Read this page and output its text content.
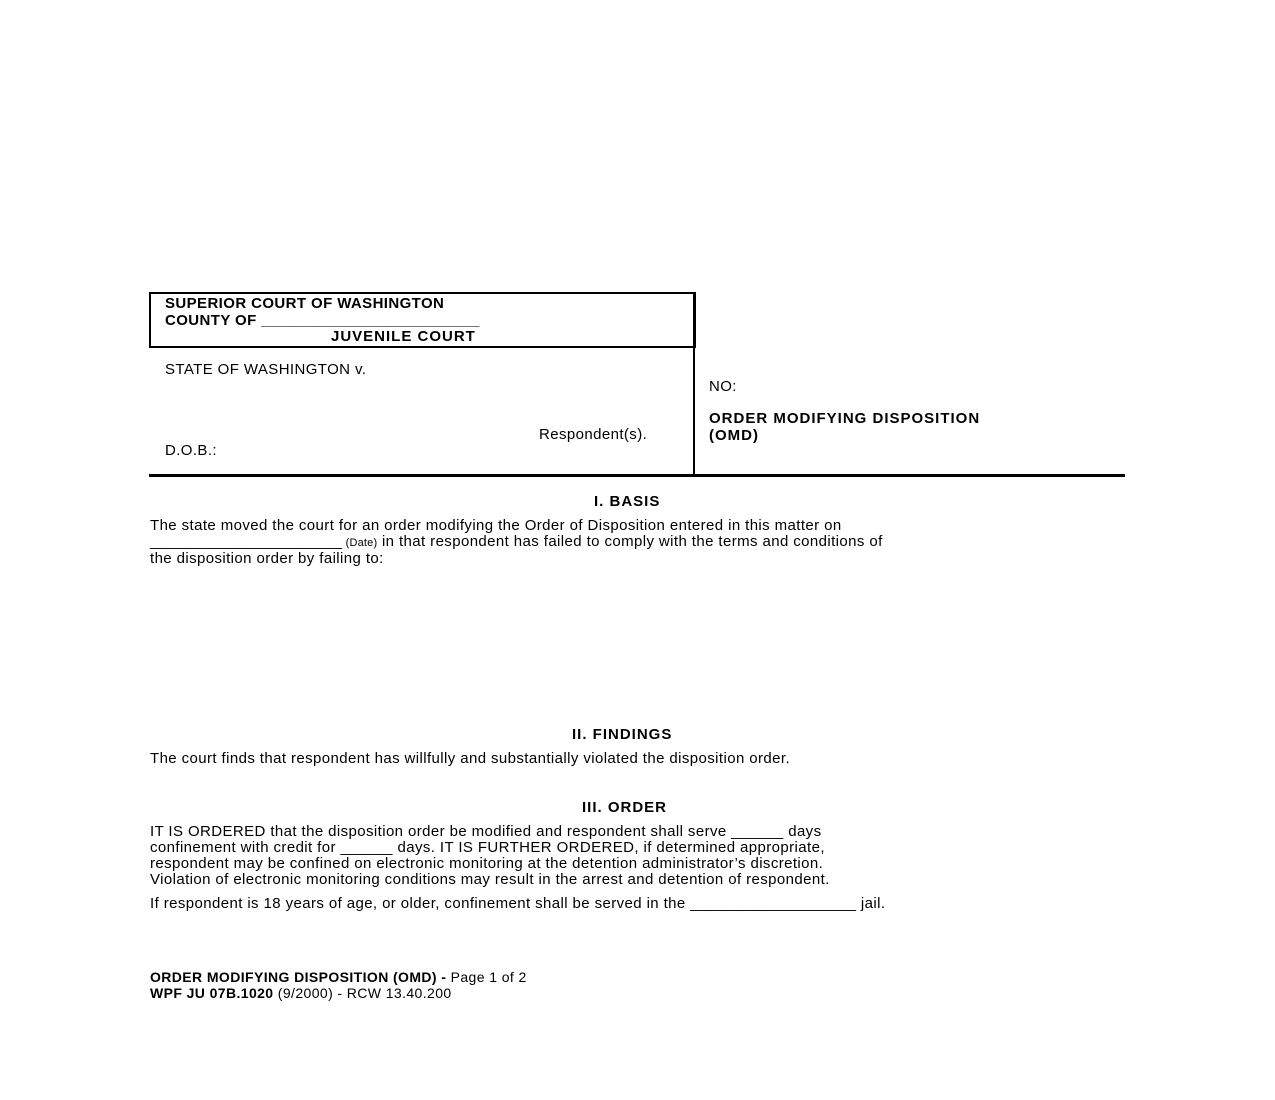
SUPERIOR COURT OF WASHINGTON
COUNTY OF _________________________
JUVENILE COURT
STATE OF WASHINGTON v.
Respondent(s).
D.O.B.:
NO:
ORDER MODIFYING DISPOSITION
(OMD)
I. BASIS
The state moved the court for an order modifying the Order of Disposition entered in this matter on
______________________ (Date) in that respondent has failed to comply with the terms and conditions of
the disposition order by failing to:
II. FINDINGS
The court finds that respondent has willfully and substantially violated the disposition order.
III. ORDER
IT IS ORDERED that the disposition order be modified and respondent shall serve ______ days
confinement with credit for ______ days. IT IS FURTHER ORDERED, if determined appropriate,
respondent may be confined on electronic monitoring at the detention administrator’s discretion.
Violation of electronic monitoring conditions may result in the arrest and detention of respondent.
If respondent is 18 years of age, or older, confinement shall be served in the ___________________ jail.
ORDER MODIFYING DISPOSITION (OMD) - Page 1 of 2
WPF JU 07B.1020 (9/2000) - RCW 13.40.200
